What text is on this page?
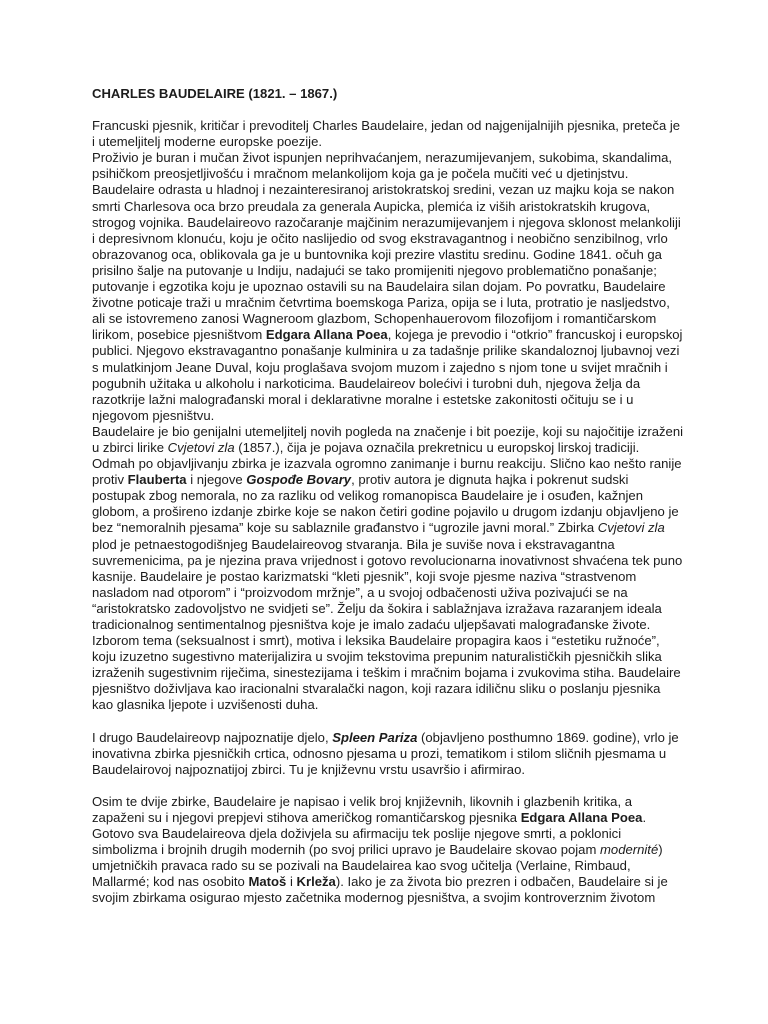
CHARLES BAUDELAIRE (1821. – 1867.)

Francuski pjesnik, kritičar i prevoditelj Charles Baudelaire, jedan od najgenijalnijih pjesnika, preteča je i utemeljitelj moderne europske poezije.

Proživio je buran i mučan život ispunjen neprihvaćanjem, nerazumijevanjem, sukobima, skandalima, psihičkom preosjetljivošću i mračnom melankolijom koja ga je počela mučiti već u djetinjstvu. Baudelaire odrasta u hladnoj i nezainteresiranoj aristokratskoj sredini, vezan uz majku koja se nakon smrti Charlesova oca brzo preudala za generala Aupicka, plemića iz viših aristokratskih krugova, strogog vojnika. Baudelaireovo razočaranje majčinim nerazumijevanjem i njegova sklonost melankoliji i depresivnom klonuću, koju je očito naslijedio od svog ekstravagantnog i neobično senzibilnog, vrlo obrazovanog oca, oblikovala ga je u buntovnika koji prezire vlastitu sredinu. Godine 1841. očuh ga prisilno šalje na putovanje u Indiju, nadajući se tako promijeniti njegovo problematično ponašanje; putovanje i egzotika koju je upoznao ostavili su na Baudelaira silan dojam. Po povratku, Baudelaire životne poticaje traži u mračnim četvrtima boemskoga Pariza, opija se i luta, protratio je nasljedstvo, ali se istovremeno zanosi Wagneroom glazbom, Schopenhauerovom filozofijom i romantičarskom lirikom, posebice pjesništvom Edgara Allana Poea, kojega je prevodio i “otkrio” francuskoj i europskoj publici. Njegovo ekstravagantno ponašanje kulminira u za tadašnje prilike skandaloznoj ljubavnoj vezi s mulatkinjom Jeane Duval, koju proglašava svojom muzom i zajedno s njom tone u svijet mračnih i pogubnih užitaka u alkoholu i narkoticima. Baudelaireov bolećivi i turobni duh, njegova želja da razotkrije lažni malograđanski moral i deklarativne moralne i estetske zakonitosti očituju se i u njegovom pjesništvu.

Baudelaire je bio genijalni utemeljitelj novih pogleda na značenje i bit poezije, koji su najočitije izraženi u zbirci lirike Cvjetovi zla (1857.), čija je pojava označila prekretnicu u europskoj lirskoj tradiciji. Odmah po objavljivanju zbirka je izazvala ogromno zanimanje i burnu reakciju. Slično kao nešto ranije protiv Flauberta i njegove Gospođe Bovary, protiv autora je dignuta hajka i pokrenut sudski postupak zbog nemorala, no za razliku od velikog romanopisca Baudelaire je i osuđen, kažnjen globom, a prošireno izdanje zbirke koje se nakon četiri godine pojavilo u drugom izdanju objavljeno je bez “nemoralnih pjesama” koje su sablaznile građanstvo i “ugrozile javni moral.” Zbirka Cvjetovi zla plod je petnaestogodišnjeg Baudelaireovog stvaranja. Bila je suviše nova i ekstravagantna suvremenicima, pa je njezina prava vrijednost i gotovo revolucionarna inovativnost shvaćena tek puno kasnije. Baudelaire je postao karizmatski “kleti pjesnik”, koji svoje pjesme naziva “strastvenom nasladom nad otporom” i “proizvodom mržnje”, a u svojoj odbačenosti uživa pozivajući se na “aristokratsko zadovoljstvo ne svidjeti se”. Želju da šokira i sablažnjava izražava razaranjem ideala tradicionalnog sentimentalnog pjesništva koje je imalo zadaću uljepšavati malograđanske živote. Izborom tema (seksualnost i smrt), motiva i leksika Baudelaire propagira kaos i “estetiku ružnoće”, koju izuzetno sugestivno materijalizira u svojim tekstovima prepunim naturalističkih pjesničkih slika izraženih sugestivnim riječima, sinestezijama i teškim i mračnim bojama i zvukovima stiha. Baudelaire pjesništvo doživljava kao iracionalni stvaralački nagon, koji razara idiličnu sliku o poslanju pjesnika kao glasnika ljepote i uzvišenosti duha.

I drugo Baudelaireovp najpoznatije djelo, Spleen Pariza (objavljeno posthumno 1869. godine), vrlo je inovativna zbirka pjesničkih crtica, odnosno pjesama u prozi, tematikom i stilom sličnih pjesmama u Baudelairovoj najpoznatijoj zbirci. Tu je književnu vrstu usavršio i afirmirao.

Osim te dvije zbirke, Baudelaire je napisao i velik broj književnih, likovnih i glazbenih kritika, a zapaženi su i njegovi prepjevi stihova američkog romantičarskog pjesnika Edgara Allana Poea. Gotovo sva Baudelaireova djela doživjela su afirmaciju tek poslije njegove smrti, a poklonici simbolizma i brojnih drugih modernih (po svoj prilici upravo je Baudelaire skovao pojam modernité) umjetničkih pravaca rado su se pozivali na Baudelairea kao svog učitelja (Verlaine, Rimbaud, Mallarmé; kod nas osobito Matoš i Krleža). Iako je za života bio prezren i odbačen, Baudelaire si je svojim zbirkama osigurao mjesto začetnika modernog pjesništva, a svojim kontroverznim životom
